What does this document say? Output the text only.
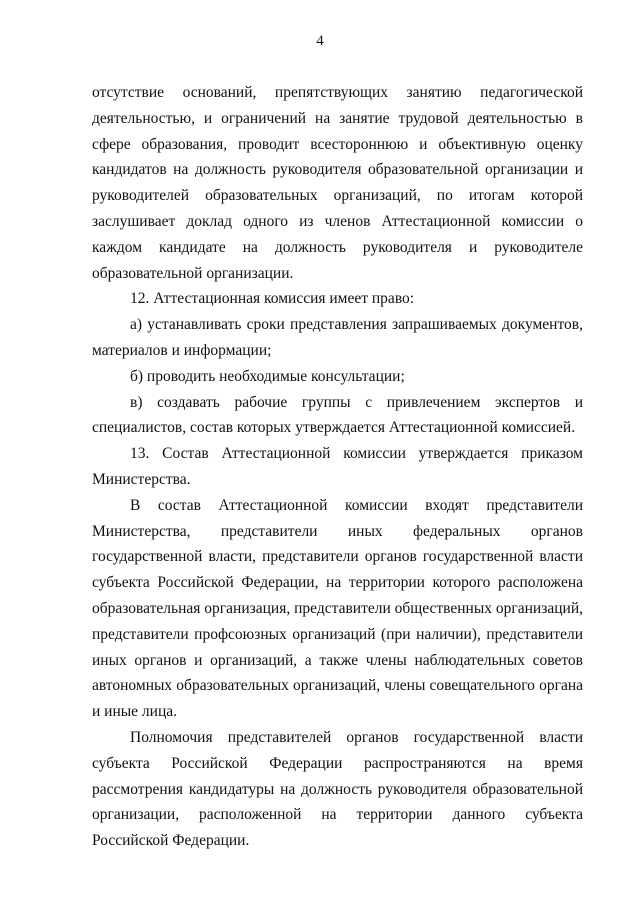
4

отсутствие оснований, препятствующих занятию педагогической деятельностью, и ограничений на занятие трудовой деятельностью в сфере образования, проводит всестороннюю и объективную оценку кандидатов на должность руководителя образовательной организации и руководителей образовательных организаций, по итогам которой заслушивает доклад одного из членов Аттестационной комиссии о каждом кандидате на должность руководителя и руководителе образовательной организации.

12. Аттестационная комиссия имеет право:

а) устанавливать сроки представления запрашиваемых документов, материалов и информации;

б) проводить необходимые консультации;

в) создавать рабочие группы с привлечением экспертов и специалистов, состав которых утверждается Аттестационной комиссией.

13. Состав Аттестационной комиссии утверждается приказом Министерства.

В состав Аттестационной комиссии входят представители Министерства, представители иных федеральных органов государственной власти, представители органов государственной власти субъекта Российской Федерации, на территории которого расположена образовательная организация, представители общественных организаций, представители профсоюзных организаций (при наличии), представители иных органов и организаций, а также члены наблюдательных советов автономных образовательных организаций, члены совещательного органа и иные лица.

Полномочия представителей органов государственной власти субъекта Российской Федерации распространяются на время рассмотрения кандидатуры на должность руководителя образовательной организации, расположенной на территории данного субъекта Российской Федерации.
